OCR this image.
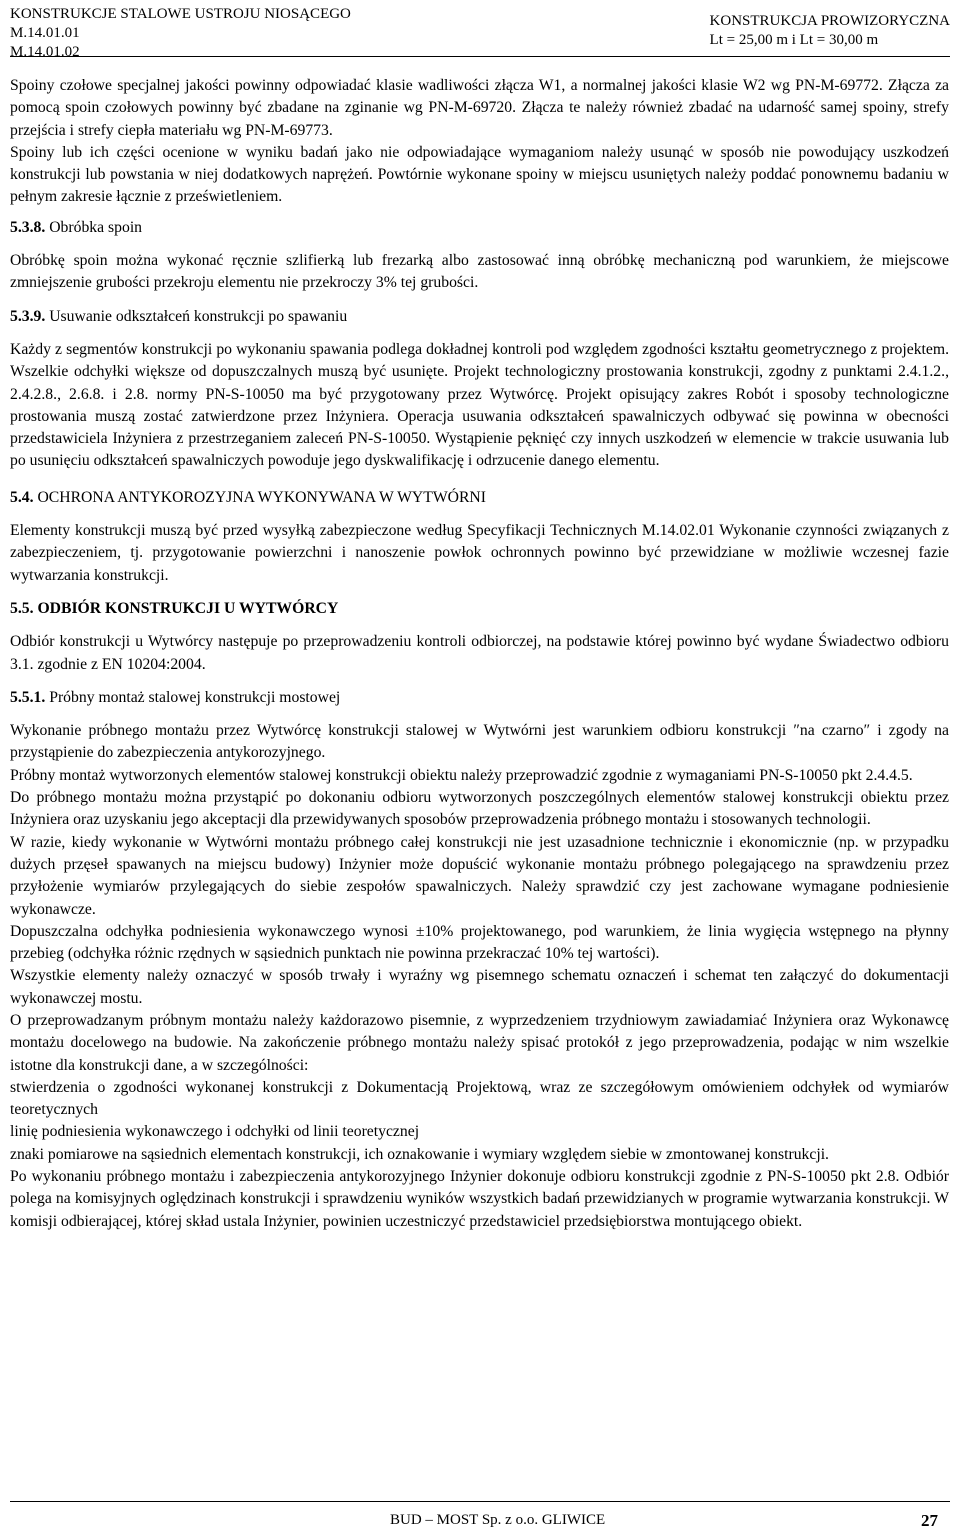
KONSTRUKCJE STALOWE USTROJU NIOSĄCEGO
M.14.01.01
M.14.01.02
KONSTRUKCJA PROWIZORYCZNA
Lt = 25,00 m i Lt = 30,00 m

Spoiny czołowe specjalnej jakości powinny odpowiadać klasie wadliwości złącza W1, a normalnej jakości klasie W2 wg PN-M-69772. Złącza za pomocą spoin czołowych powinny być zbadane na zginanie wg PN-M-69720. Złącza te należy również zbadać na udarność samej spoiny, strefy przejścia i strefy ciepła materiału wg PN-M-69773.

Spoiny lub ich części ocenione w wyniku badań jako nie odpowiadające wymaganiom należy usunąć w sposób nie powodujący uszkodzeń konstrukcji lub powstania w niej dodatkowych naprężeń. Powtórnie wykonane spoiny w miejscu usuniętych należy poddać ponownemu badaniu w pełnym zakresie łącznie z prześwietleniem.

5.3.8. Obróbka spoin

Obróbkę spoin można wykonać ręcznie szlifierką lub frezarką albo zastosować inną obróbkę mechaniczną pod warunkiem, że miejscowe zmniejszenie grubości przekroju elementu nie przekroczy 3% tej grubości.

5.3.9. Usuwanie odkształceń konstrukcji po spawaniu

Każdy z segmentów konstrukcji po wykonaniu spawania podlega dokładnej kontroli pod względem zgodności kształtu geometrycznego z projektem. Wszelkie odchyłki większe od dopuszczalnych muszą być usunięte. Projekt technologiczny prostowania konstrukcji, zgodny z punktami 2.4.1.2., 2.4.2.8., 2.6.8. i 2.8. normy PN-S-10050 ma być przygotowany przez Wytwórcę. Projekt opisujący zakres Robót i sposoby technologiczne prostowania muszą zostać zatwierdzone przez Inżyniera. Operacja usuwania odkształceń spawalniczych odbywać się powinna w obecności przedstawiciela Inżyniera z przestrzeganiem zaleceń PN-S-10050. Wystąpienie pęknięć czy innych uszkodzeń w elemencie w trakcie usuwania lub po usunięciu odkształceń spawalniczych powoduje jego dyskwalifikację i odrzucenie danego elementu.

5.4. OCHRONA ANTYKOROZYJNA WYKONYWANA W WYTWÓRNI

Elementy konstrukcji muszą być przed wysyłką zabezpieczone według Specyfikacji Technicznych M.14.02.01 Wykonanie czynności związanych z zabezpieczeniem, tj. przygotowanie powierzchni i nanoszenie powłok ochronnych powinno być przewidziane w możliwie wczesnej fazie wytwarzania konstrukcji.

5.5. ODBIÓR KONSTRUKCJI U WYTWÓRCY

Odbiór konstrukcji u Wytwórcy następuje po przeprowadzeniu kontroli odbiorczej, na podstawie której powinno być wydane Świadectwo odbioru 3.1. zgodnie z EN 10204:2004.

5.5.1. Próbny montaż stalowej konstrukcji mostowej

Wykonanie próbnego montażu przez Wytwórcę konstrukcji stalowej w Wytwórni jest warunkiem odbioru konstrukcji ″na czarno″ i zgody na przystąpienie do zabezpieczenia antykorozyjnego.

Próbny montaż wytworzonych elementów stalowej konstrukcji obiektu należy przeprowadzić zgodnie z wymaganiami PN-S-10050 pkt 2.4.4.5.

Do próbnego montażu można przystąpić po dokonaniu odbioru wytworzonych poszczególnych elementów stalowej konstrukcji obiektu przez Inżyniera oraz uzyskaniu jego akceptacji dla przewidywanych sposobów przeprowadzenia próbnego montażu i stosowanych technologii.

W razie, kiedy wykonanie w Wytwórni montażu próbnego całej konstrukcji nie jest uzasadnione technicznie i ekonomicznie (np. w przypadku dużych przęseł spawanych na miejscu budowy) Inżynier może dopuścić wykonanie montażu próbnego polegającego na sprawdzeniu przez przyłożenie wymiarów przylegających do siebie zespołów spawalniczych. Należy sprawdzić czy jest zachowane wymagane podniesienie wykonawcze.

Dopuszczalna odchyłka podniesienia wykonawczego wynosi ±10% projektowanego, pod warunkiem, że linia wygięcia wstępnego na płynny przebieg (odchyłka różnic rzędnych w sąsiednich punktach nie powinna przekraczać 10% tej wartości).

Wszystkie elementy należy oznaczyć w sposób trwały i wyraźny wg pisemnego schematu oznaczeń i schemat ten załączyć do dokumentacji wykonawczej mostu.

O przeprowadzanym próbnym montażu należy każdorazowo pisemnie, z wyprzedzeniem trzydniowym zawiadamiać Inżyniera oraz Wykonawcę montażu docelowego na budowie. Na zakończenie próbnego montażu należy spisać protokół z jego przeprowadzenia, podając w nim wszelkie istotne dla konstrukcji dane, a w szczególności:

stwierdzenia o zgodności wykonanej konstrukcji z Dokumentacją Projektową, wraz ze szczegółowym omówieniem odchyłek od wymiarów teoretycznych

linię podniesienia wykonawczego i odchyłki od linii teoretycznej

znaki pomiarowe na sąsiednich elementach konstrukcji, ich oznakowanie i wymiary względem siebie w zmontowanej konstrukcji.

Po wykonaniu próbnego montażu i zabezpieczenia antykorozyjnego Inżynier dokonuje odbioru konstrukcji zgodnie z PN-S-10050 pkt 2.8. Odbiór polega na komisyjnych oględzinach konstrukcji i sprawdzeniu wyników wszystkich badań przewidzianych w programie wytwarzania konstrukcji. W komisji odbierającej, której skład ustala Inżynier, powinien uczestniczyć przedstawiciel przedsiębiorstwa montującego obiekt.

BUD – MOST Sp. z o.o. GLIWICE	27
